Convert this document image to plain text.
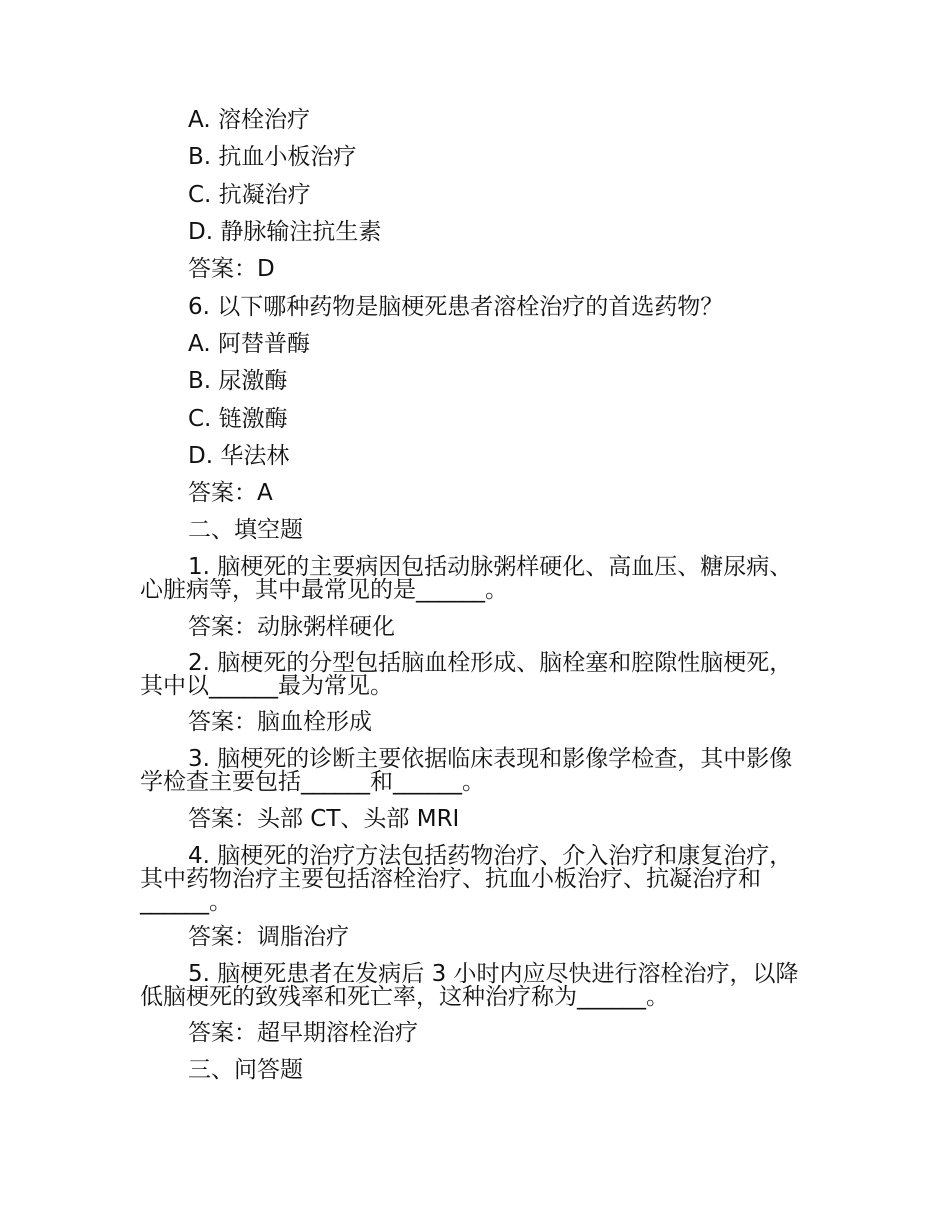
A. 溶栓治疗
B. 抗血小板治疗
C. 抗凝治疗
D. 静脉输注抗生素
答案：D
6. 以下哪种药物是脑梗死患者溶栓治疗的首选药物？
A. 阿替普酶
B. 尿激酶
C. 链激酶
D. 华法林
答案：A
二、填空题
1. 脑梗死的主要病因包括动脉粥样硬化、高血压、糖尿病、心脏病等，其中最常见的是______。
答案：动脉粥样硬化
2. 脑梗死的分型包括脑血栓形成、脑栓塞和腔隙性脑梗死，其中以______最为常见。
答案：脑血栓形成
3. 脑梗死的诊断主要依据临床表现和影像学检查，其中影像学检查主要包括______和______。
答案：头部 CT、头部 MRI
4. 脑梗死的治疗方法包括药物治疗、介入治疗和康复治疗，其中药物治疗主要包括溶栓治疗、抗血小板治疗、抗凝治疗和______。
答案：调脂治疗
5. 脑梗死患者在发病后 3 小时内应尽快进行溶栓治疗，以降低脑梗死的致残率和死亡率，这种治疗称为______。
答案：超早期溶栓治疗
三、问答题
